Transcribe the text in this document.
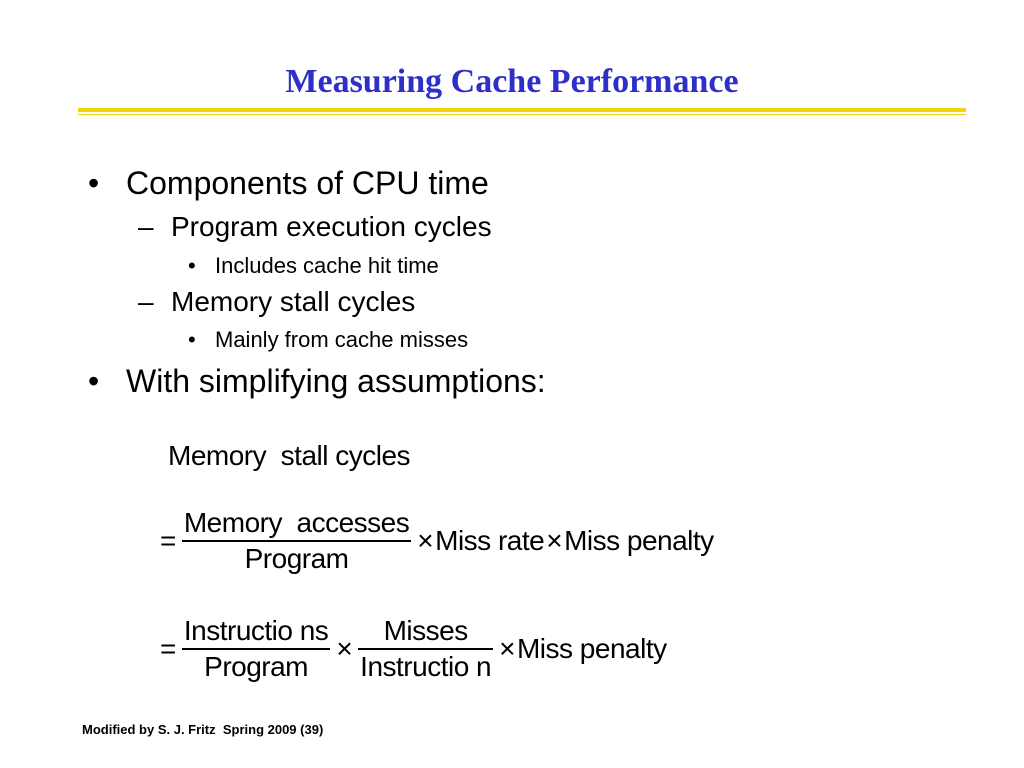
Measuring Cache Performance
• Components of CPU time
– Program execution cycles
• Includes cache hit time
– Memory stall cycles
• Mainly from cache misses
• With simplifying assumptions:
Memory  stall cycles
= $\frac{\text{Memory  accesses}}{\text{Program}}$ × Miss rate × Miss penalty
= $\frac{\text{Instructio ns}}{\text{Program}} \times \frac{\text{Misses}}{\text{Instructio n}}$ × Miss penalty
Modified by S. J. Fritz  Spring 2009 (39)
